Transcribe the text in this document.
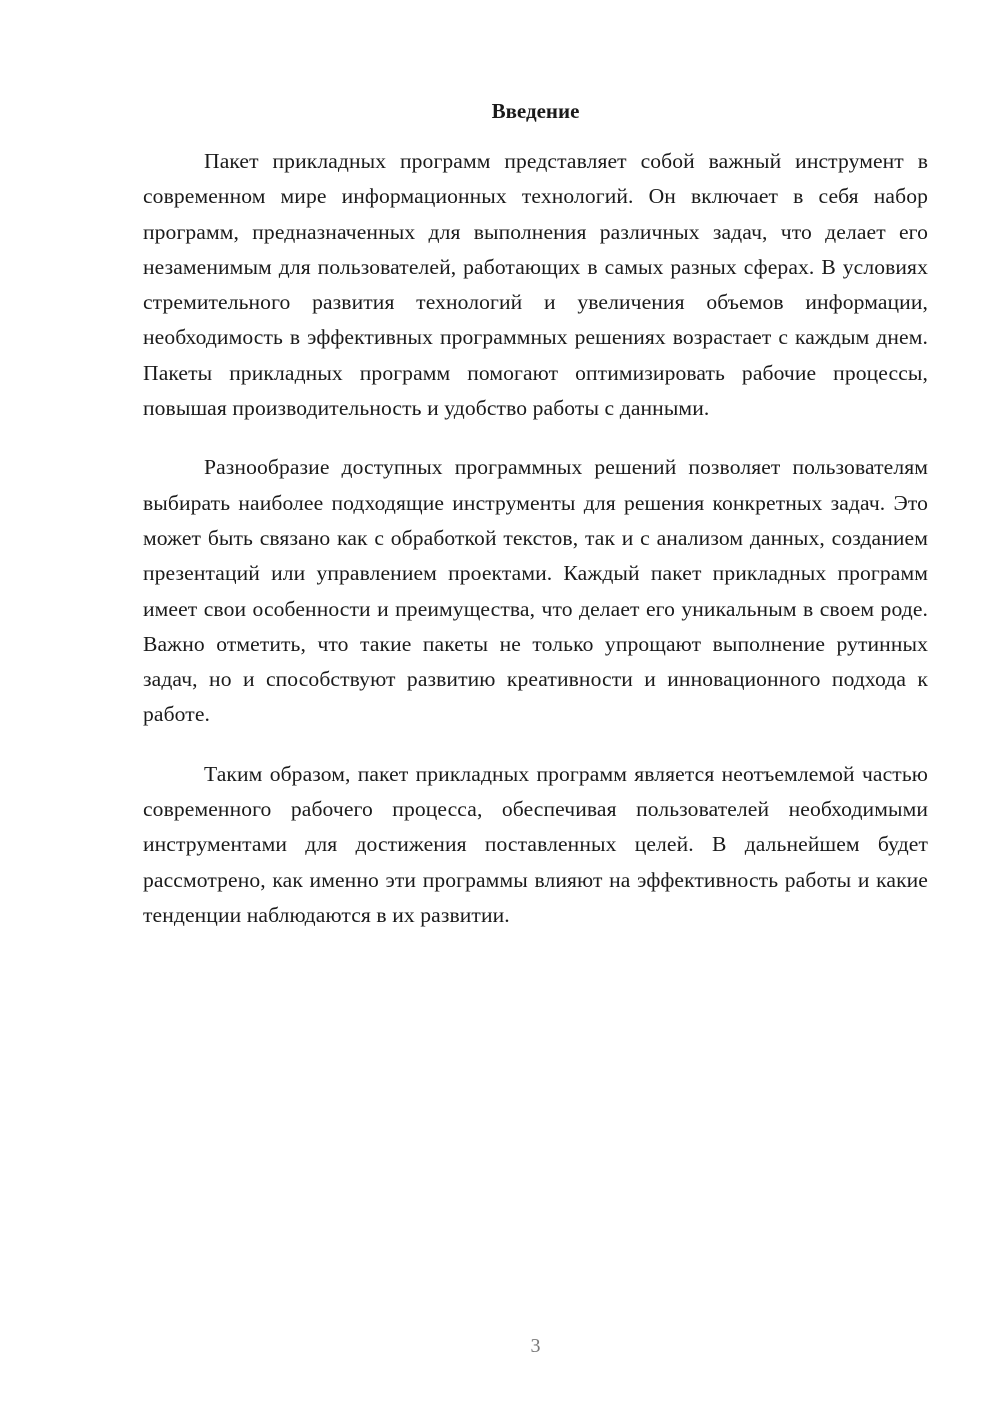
Введение

Пакет прикладных программ представляет собой важный инструмент в современном мире информационных технологий. Он включает в себя набор программ, предназначенных для выполнения различных задач, что делает его незаменимым для пользователей, работающих в самых разных сферах. В условиях стремительного развития технологий и увеличения объемов информации, необходимость в эффективных программных решениях возрастает с каждым днем. Пакеты прикладных программ помогают оптимизировать рабочие процессы, повышая производительность и удобство работы с данными.

Разнообразие доступных программных решений позволяет пользователям выбирать наиболее подходящие инструменты для решения конкретных задач. Это может быть связано как с обработкой текстов, так и с анализом данных, созданием презентаций или управлением проектами. Каждый пакет прикладных программ имеет свои особенности и преимущества, что делает его уникальным в своем роде. Важно отметить, что такие пакеты не только упрощают выполнение рутинных задач, но и способствуют развитию креативности и инновационного подхода к работе.

Таким образом, пакет прикладных программ является неотъемлемой частью современного рабочего процесса, обеспечивая пользователей необходимыми инструментами для достижения поставленных целей. В дальнейшем будет рассмотрено, как именно эти программы влияют на эффективность работы и какие тенденции наблюдаются в их развитии.

3
